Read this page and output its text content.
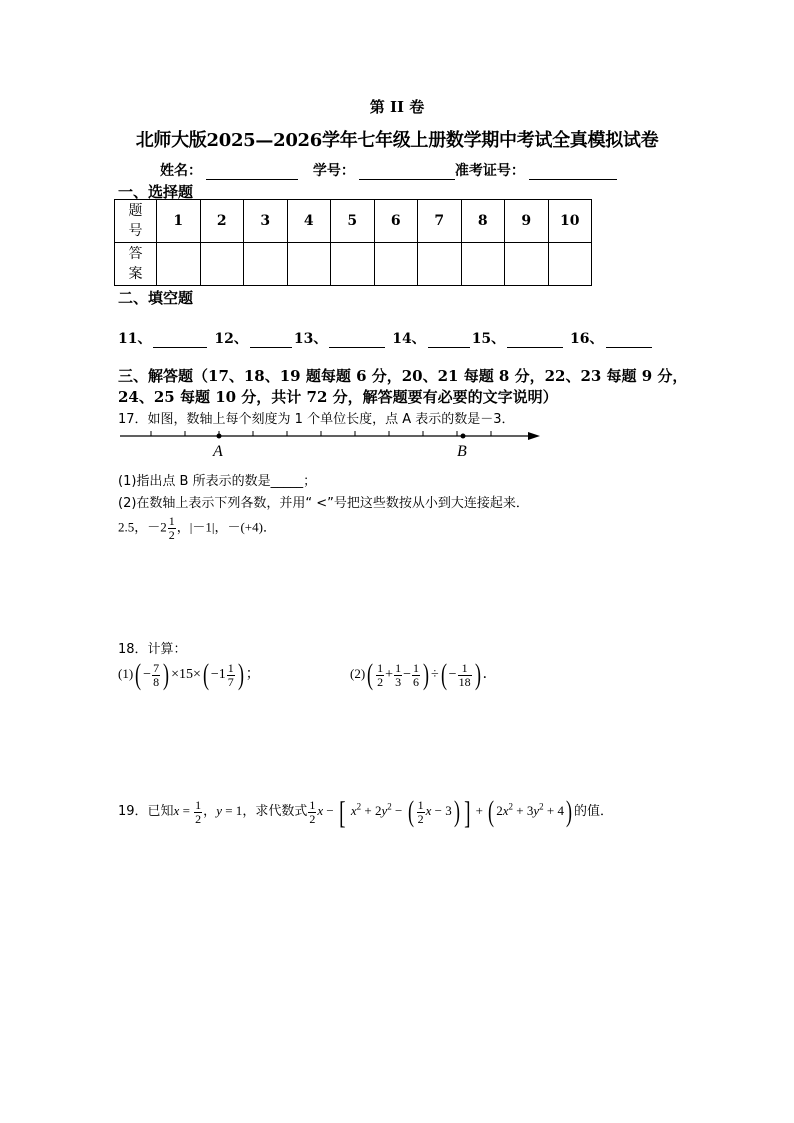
第 II 卷
北师大版2025—2026学年七年级上册数学期中考试全真模拟试卷
姓名：	学号：	准考证号：
一、选择题
题
号	1	2	3	4	5	6	7	8	9	10
答
案										
二、填空题
11、	12、	13、	14、	15、	16、
三、解答题（17、18、19 题每题 6 分，20、21 每题 8 分，22、23 每题 9 分，24、25 每题 10 分，共计 72 分，解答题要有必要的文字说明）
17．如图，数轴上每个刻度为 1 个单位长度，点 A 表示的数是－3．
A	B
(1)指出点 B 所表示的数是_____；
(2)在数轴上表示下列各数，并用“ <”号把这些数按从小到大连接起来．
2.5，$-2 \frac{1}{2}$ ，|－1|，－(+4)．
18．计算：
$(1)( - \frac{7}{8}$ ) $\times 15\times( -1 \frac{1}{7}$ ) ；	$(2)( \frac{1}{2} + \frac{1}{3} - \frac{1}{6}$ ) ÷( − $\frac{1}{18}$ ) ．
19．已知$x = \frac{1}{2}$ ，y = 1，求代数式 $\frac{1}{2}$ x − [ $x^2 + 2y^2$ − ( $\frac{1}{2}$ x − 3) ] + ( $2x^2 + 3y^2 + 4$) 的值．
